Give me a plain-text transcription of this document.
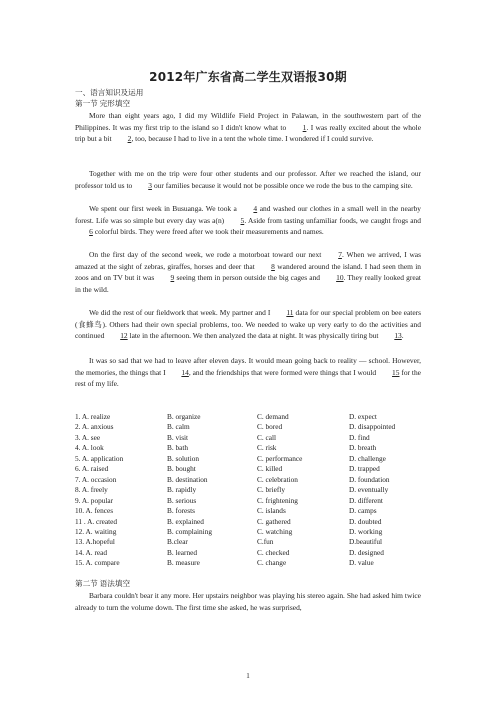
2012年广东省高二学生双语报30期
一、语言知识及运用
第一节 完形填空
More than eight years ago, I did my Wildlife Field Project in Palawan, in the southwestern part of the Philippines. It was my first trip to the island so I didn't know what to 1. I was really excited about the whole trip but a bit 2, too, because I had to live in a tent the whole time. I wondered if I could survive.
Together with me on the trip were four other students and our professor. After we reached the island, our professor told us to 3 our families because it would not be possible once we rode the bus to the camping site.
We spent our first week in Busuanga. We took a 4 and washed our clothes in a small well in the nearby forest. Life was so simple but every day was a(n) 5. Aside from tasting unfamiliar foods, we caught frogs and 6 colorful birds. They were freed after we took their measurements and names.
On the first day of the second week, we rode a motorboat toward our next 7. When we arrived, I was amazed at the sight of zebras, giraffes, horses and deer that 8 wandered around the island. I had seen them in zoos and on TV but it was 9 seeing them in person outside the big cages and 10. They really looked great in the wild.
We did the rest of our fieldwork that week. My partner and I 11 data for our special problem on bee eaters (食蜂鸟). Others had their own special problems, too. We needed to wake up very early to do the activities and continued 12 late in the afternoon. We then analyzed the data at night. It was physically tiring but 13.
It was so sad that we had to leave after eleven days. It would mean going back to reality — school. However, the memories, the things that I 14, and the friendships that were formed were things that I would 15 for the rest of my life.
1. A. realize	B. organize	C. demand	D. expect
2. A. anxious	B. calm	C. bored	D. disappointed
3. A. see	B. visit	C. call	D. find
4. A. look	B. bath	C. risk	D. breath
5. A. application	B. solution	C. performance	D. challenge
6. A. raised	B. bought	C. killed	D. trapped
7. A. occasion	B. destination	C. celebration	D. foundation
8. A. freely	B. rapidly	C. briefly	D. eventually
9. A. popular	B. serious	C. frightening	D. different
10. A. fences	B. forests	C. islands	D. camps
11 . A. created	B. explained	C. gathered	D. doubted
12. A. waiting	B. complaining	C. watching	D. working
13. A.hopeful	B.clear	C.fun	D.beautiful
14. A. read	B. learned	C. checked	D. designed
15. A. compare	B. measure	C. change	D. value
第二节 语法填空
Barbara couldn't bear it any more. Her upstairs neighbor was playing his stereo again. She had asked him twice already to turn the volume down. The first time she asked, he was surprised,
1
